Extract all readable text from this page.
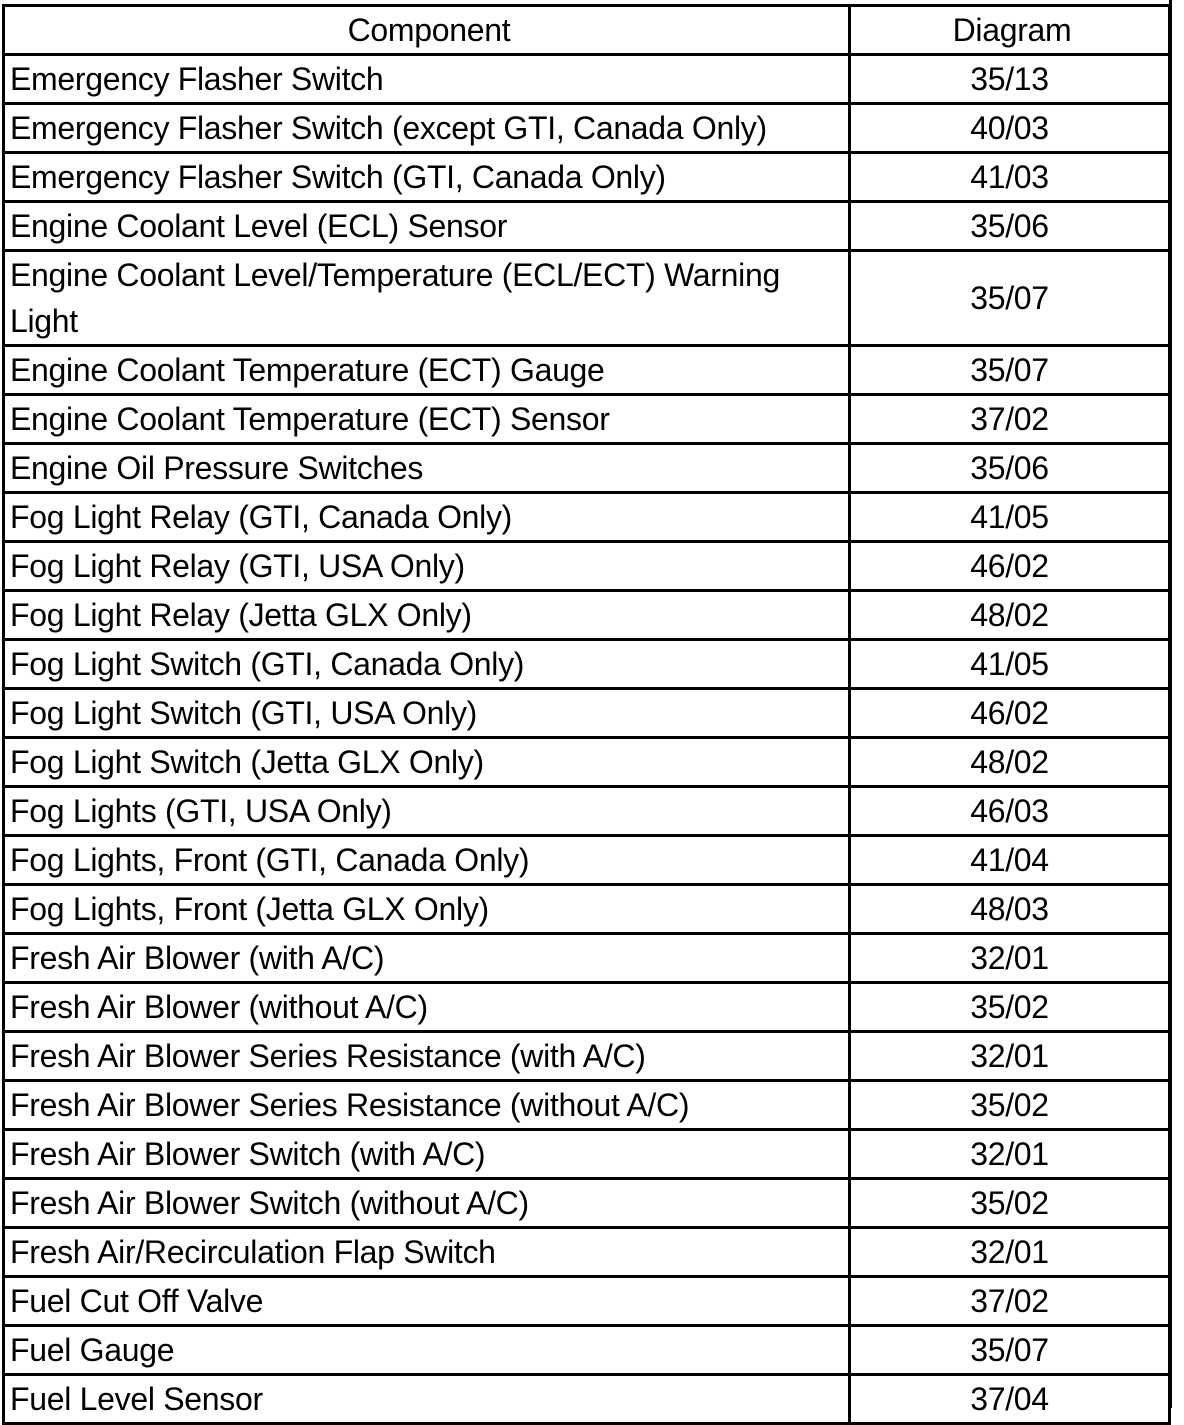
Component	Diagram
Emergency Flasher Switch	35/13
Emergency Flasher Switch (except GTI, Canada Only)	40/03
Emergency Flasher Switch (GTI, Canada Only)	41/03
Engine Coolant Level (ECL) Sensor	35/06
Engine Coolant Level/Temperature (ECL/ECT) Warning Light	35/07
Engine Coolant Temperature (ECT) Gauge	35/07
Engine Coolant Temperature (ECT) Sensor	37/02
Engine Oil Pressure Switches	35/06
Fog Light Relay (GTI, Canada Only)	41/05
Fog Light Relay (GTI, USA Only)	46/02
Fog Light Relay (Jetta GLX Only)	48/02
Fog Light Switch (GTI, Canada Only)	41/05
Fog Light Switch (GTI, USA Only)	46/02
Fog Light Switch (Jetta GLX Only)	48/02
Fog Lights (GTI, USA Only)	46/03
Fog Lights, Front (GTI, Canada Only)	41/04
Fog Lights, Front (Jetta GLX Only)	48/03
Fresh Air Blower (with A/C)	32/01
Fresh Air Blower (without A/C)	35/02
Fresh Air Blower Series Resistance (with A/C)	32/01
Fresh Air Blower Series Resistance (without A/C)	35/02
Fresh Air Blower Switch (with A/C)	32/01
Fresh Air Blower Switch (without A/C)	35/02
Fresh Air/Recirculation Flap Switch	32/01
Fuel Cut Off Valve	37/02
Fuel Gauge	35/07
Fuel Level Sensor	37/04
